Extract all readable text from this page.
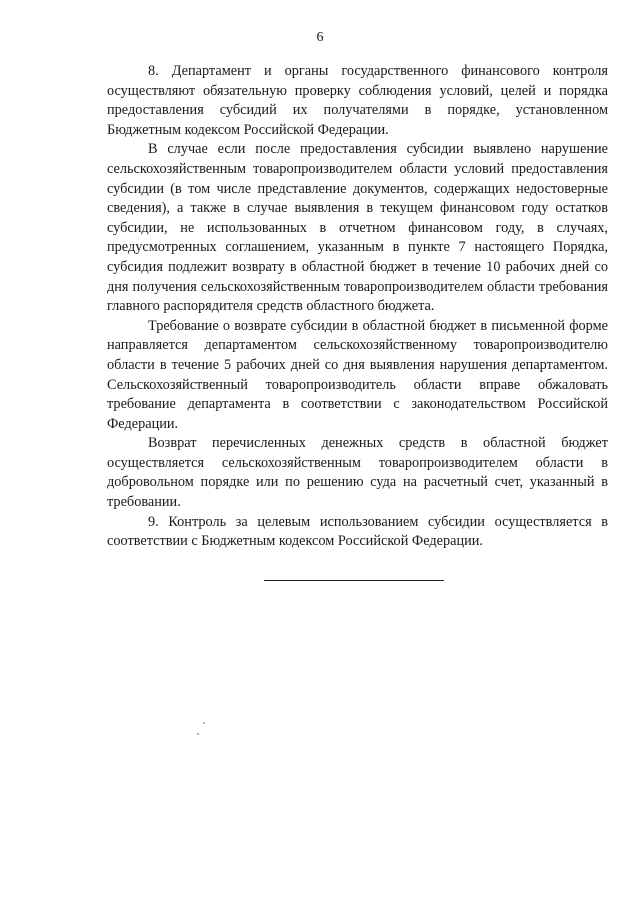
6

8. Департамент и органы государственного финансового контроля осуществляют обязательную проверку соблюдения условий, целей и порядка предоставления субсидий их получателями в порядке, установленном Бюджетным кодексом Российской Федерации.

В случае если после предоставления субсидии выявлено нарушение сельскохозяйственным товаропроизводителем области условий предоставления субсидии (в том числе представление документов, содержащих недостоверные сведения), а также в случае выявления в текущем финансовом году остатков субсидии, не использованных в отчетном финансовом году, в случаях, предусмотренных соглашением, указанным в пункте 7 настоящего Порядка, субсидия подлежит возврату в областной бюджет в течение 10 рабочих дней со дня получения сельскохозяйственным товаропроизводителем области требования главного распорядителя средств областного бюджета.

Требование о возврате субсидии в областной бюджет в письменной форме направляется департаментом сельскохозяйственному товаропроизводителю области в течение 5 рабочих дней со дня выявления нарушения департаментом. Сельскохозяйственный товаропроизводитель области вправе обжаловать требование департамента в соответствии с законодательством Российской Федерации.

Возврат перечисленных денежных средств в областной бюджет осуществляется сельскохозяйственным товаропроизводителем области в добровольном порядке или по решению суда на расчетный счет, указанный в требовании.

9. Контроль за целевым использованием субсидии осуществляется в соответствии с Бюджетным кодексом Российской Федерации.
